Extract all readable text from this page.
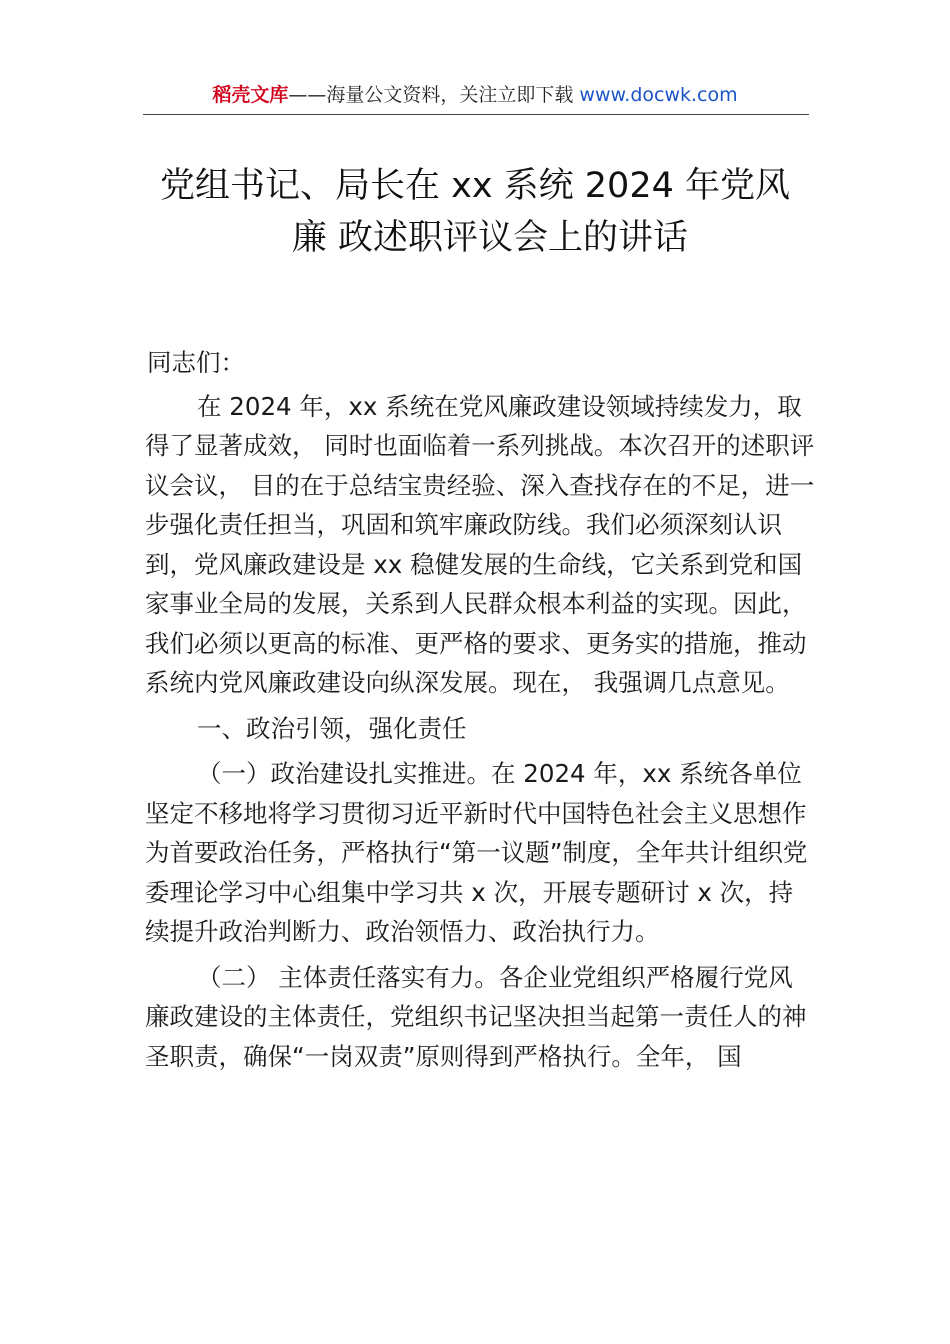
稻壳文库——海量公文资料，关注立即下载 www.docwk.com
党组书记、局长在 xx 系统 2024 年党风
廉 政述职评议会上的讲话

同志们：

在 2024 年，xx 系统在党风廉政建设领域持续发力，取得了显著成效， 同时也面临着一系列挑战。本次召开的述职评议会议， 目的在于总结宝贵经验、深入查找存在的不足，进一步强化责任担当，巩固和筑牢廉政防线。我们必须深刻认识到，党风廉政建设是 xx 稳健发展的生命线，它关系到党和国家事业全局的发展，关系到人民群众根本利益的实现。因此，我们必须以更高的标准、更严格的要求、更务实的措施，推动系统内党风廉政建设向纵深发展。现在， 我强调几点意见。

一、政治引领，强化责任

（一）政治建设扎实推进。在 2024 年，xx 系统各单位坚定不移地将学习贯彻习近平新时代中国特色社会主义思想作为首要政治任务，严格执行“第一议题”制度，全年共计组织党委理论学习中心组集中学习共 x 次，开展专题研讨 x 次，持续提升政治判断力、政治领悟力、政治执行力。

（二） 主体责任落实有力。各企业党组织严格履行党风廉政建设的主体责任，党组织书记坚决担当起第一责任人的神圣职责，确保“一岗双责”原则得到严格执行。全年， 国
